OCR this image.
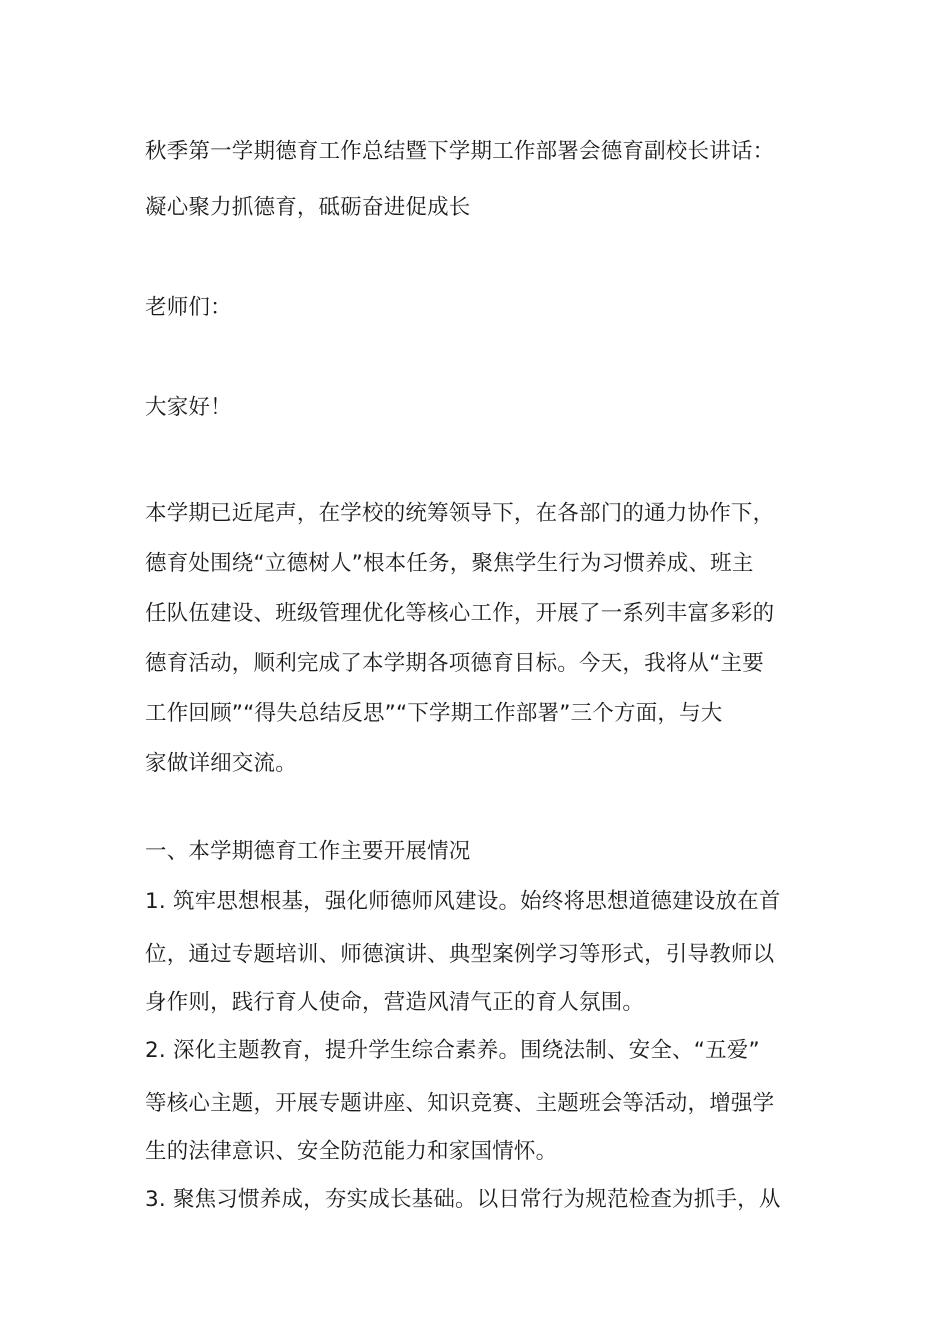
秋季第一学期德育工作总结暨下学期工作部署会德育副校长讲话：
凝心聚力抓德育，砥砺奋进促成长
老师们：
大家好！
本学期已近尾声，在学校的统筹领导下，在各部门的通力协作下，
德育处围绕“立德树人”根本任务，聚焦学生行为习惯养成、班主
任队伍建设、班级管理优化等核心工作，开展了一系列丰富多彩的
德育活动，顺利完成了本学期各项德育目标。今天，我将从“主要
工作回顾”“得失总结反思”“下学期工作部署”三个方面，与大
家做详细交流。
一、本学期德育工作主要开展情况
1. 筑牢思想根基，强化师德师风建设。始终将思想道德建设放在首
位，通过专题培训、师德演讲、典型案例学习等形式，引导教师以
身作则，践行育人使命，营造风清气正的育人氛围。
2. 深化主题教育，提升学生综合素养。围绕法制、安全、“五爱”
等核心主题，开展专题讲座、知识竞赛、主题班会等活动，增强学
生的法律意识、安全防范能力和家国情怀。
3. 聚焦习惯养成，夯实成长基础。以日常行为规范检查为抓手，从
